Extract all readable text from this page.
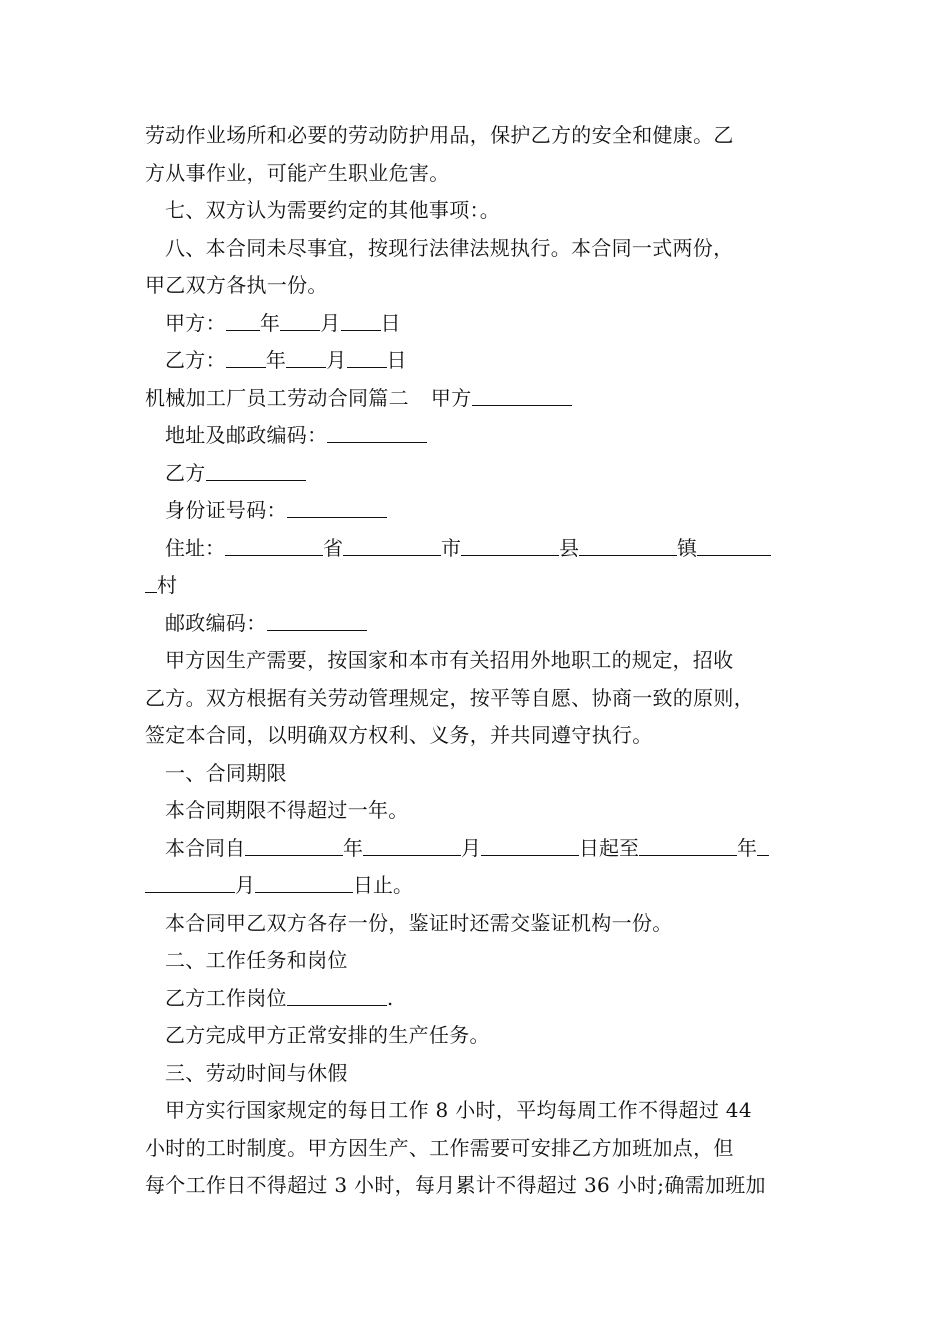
劳动作业场所和必要的劳动防护用品，保护乙方的安全和健康。乙
方从事作业，可能产生职业危害。
七、双方认为需要约定的其他事项：。
八、本合同未尽事宜，按现行法律法规执行。本合同一式两份，
甲乙双方各执一份。
甲方： 年 月 日
乙方： 年 月 日
机械加工厂员工劳动合同篇二 甲方
地址及邮政编码：
乙方
身份证号码：
住址：	省	市	县	镇
村
邮政编码：
甲方因生产需要，按国家和本市有关招用外地职工的规定，招收
乙方。双方根据有关劳动管理规定，按平等自愿、协商一致的原则，
签定本合同，以明确双方权利、义务，并共同遵守执行。
一、合同期限
本合同期限不得超过一年。
本合同自	年	月	日起至	年
月	日止。
本合同甲乙双方各存一份，鉴证时还需交鉴证机构一份。
二、工作任务和岗位
乙方工作岗位	.
乙方完成甲方正常安排的生产任务。
三、劳动时间与休假
甲方实行国家规定的每日工作 8 小时，平均每周工作不得超过 44
小时的工时制度。甲方因生产、工作需要可安排乙方加班加点，但
每个工作日不得超过 3 小时，每月累计不得超过 36 小时;确需加班加
